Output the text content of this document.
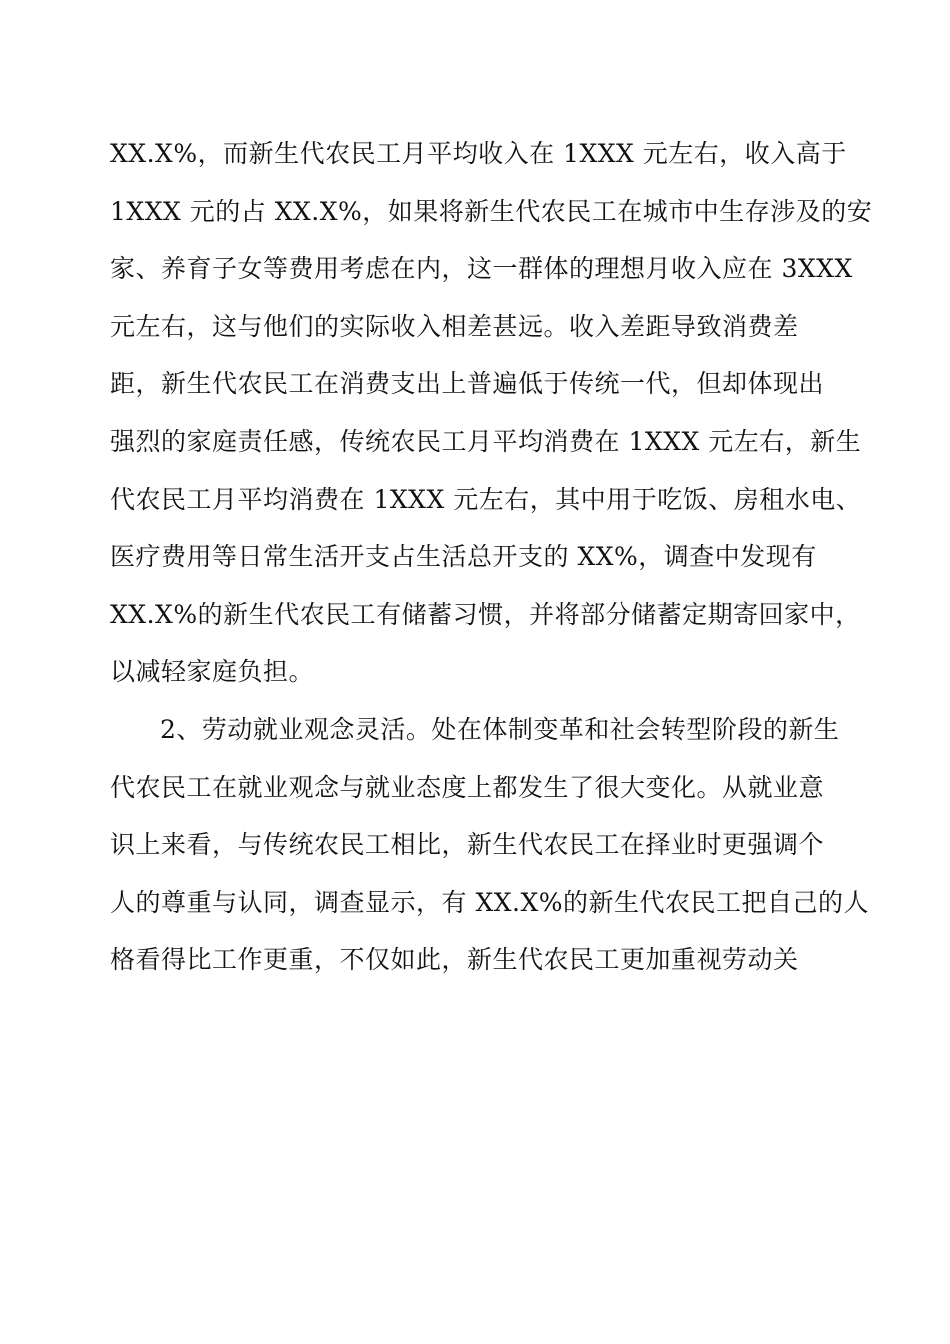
XX.X%，而新生代农民工月平均收入在 1XXX 元左右，收入高于
1XXX 元的占 XX.X%，如果将新生代农民工在城市中生存涉及的安
家、养育子女等费用考虑在内，这一群体的理想月收入应在 3XXX
元左右，这与他们的实际收入相差甚远。收入差距导致消费差
距，新生代农民工在消费支出上普遍低于传统一代，但却体现出
强烈的家庭责任感，传统农民工月平均消费在 1XXX 元左右，新生
代农民工月平均消费在 1XXX 元左右，其中用于吃饭、房租水电、
医疗费用等日常生活开支占生活总开支的 XX%，调查中发现有
XX.X%的新生代农民工有储蓄习惯，并将部分储蓄定期寄回家中，
以减轻家庭负担。
2、劳动就业观念灵活。处在体制变革和社会转型阶段的新生
代农民工在就业观念与就业态度上都发生了很大变化。从就业意
识上来看，与传统农民工相比，新生代农民工在择业时更强调个
人的尊重与认同，调查显示，有 XX.X%的新生代农民工把自己的人
格看得比工作更重，不仅如此，新生代农民工更加重视劳动关
